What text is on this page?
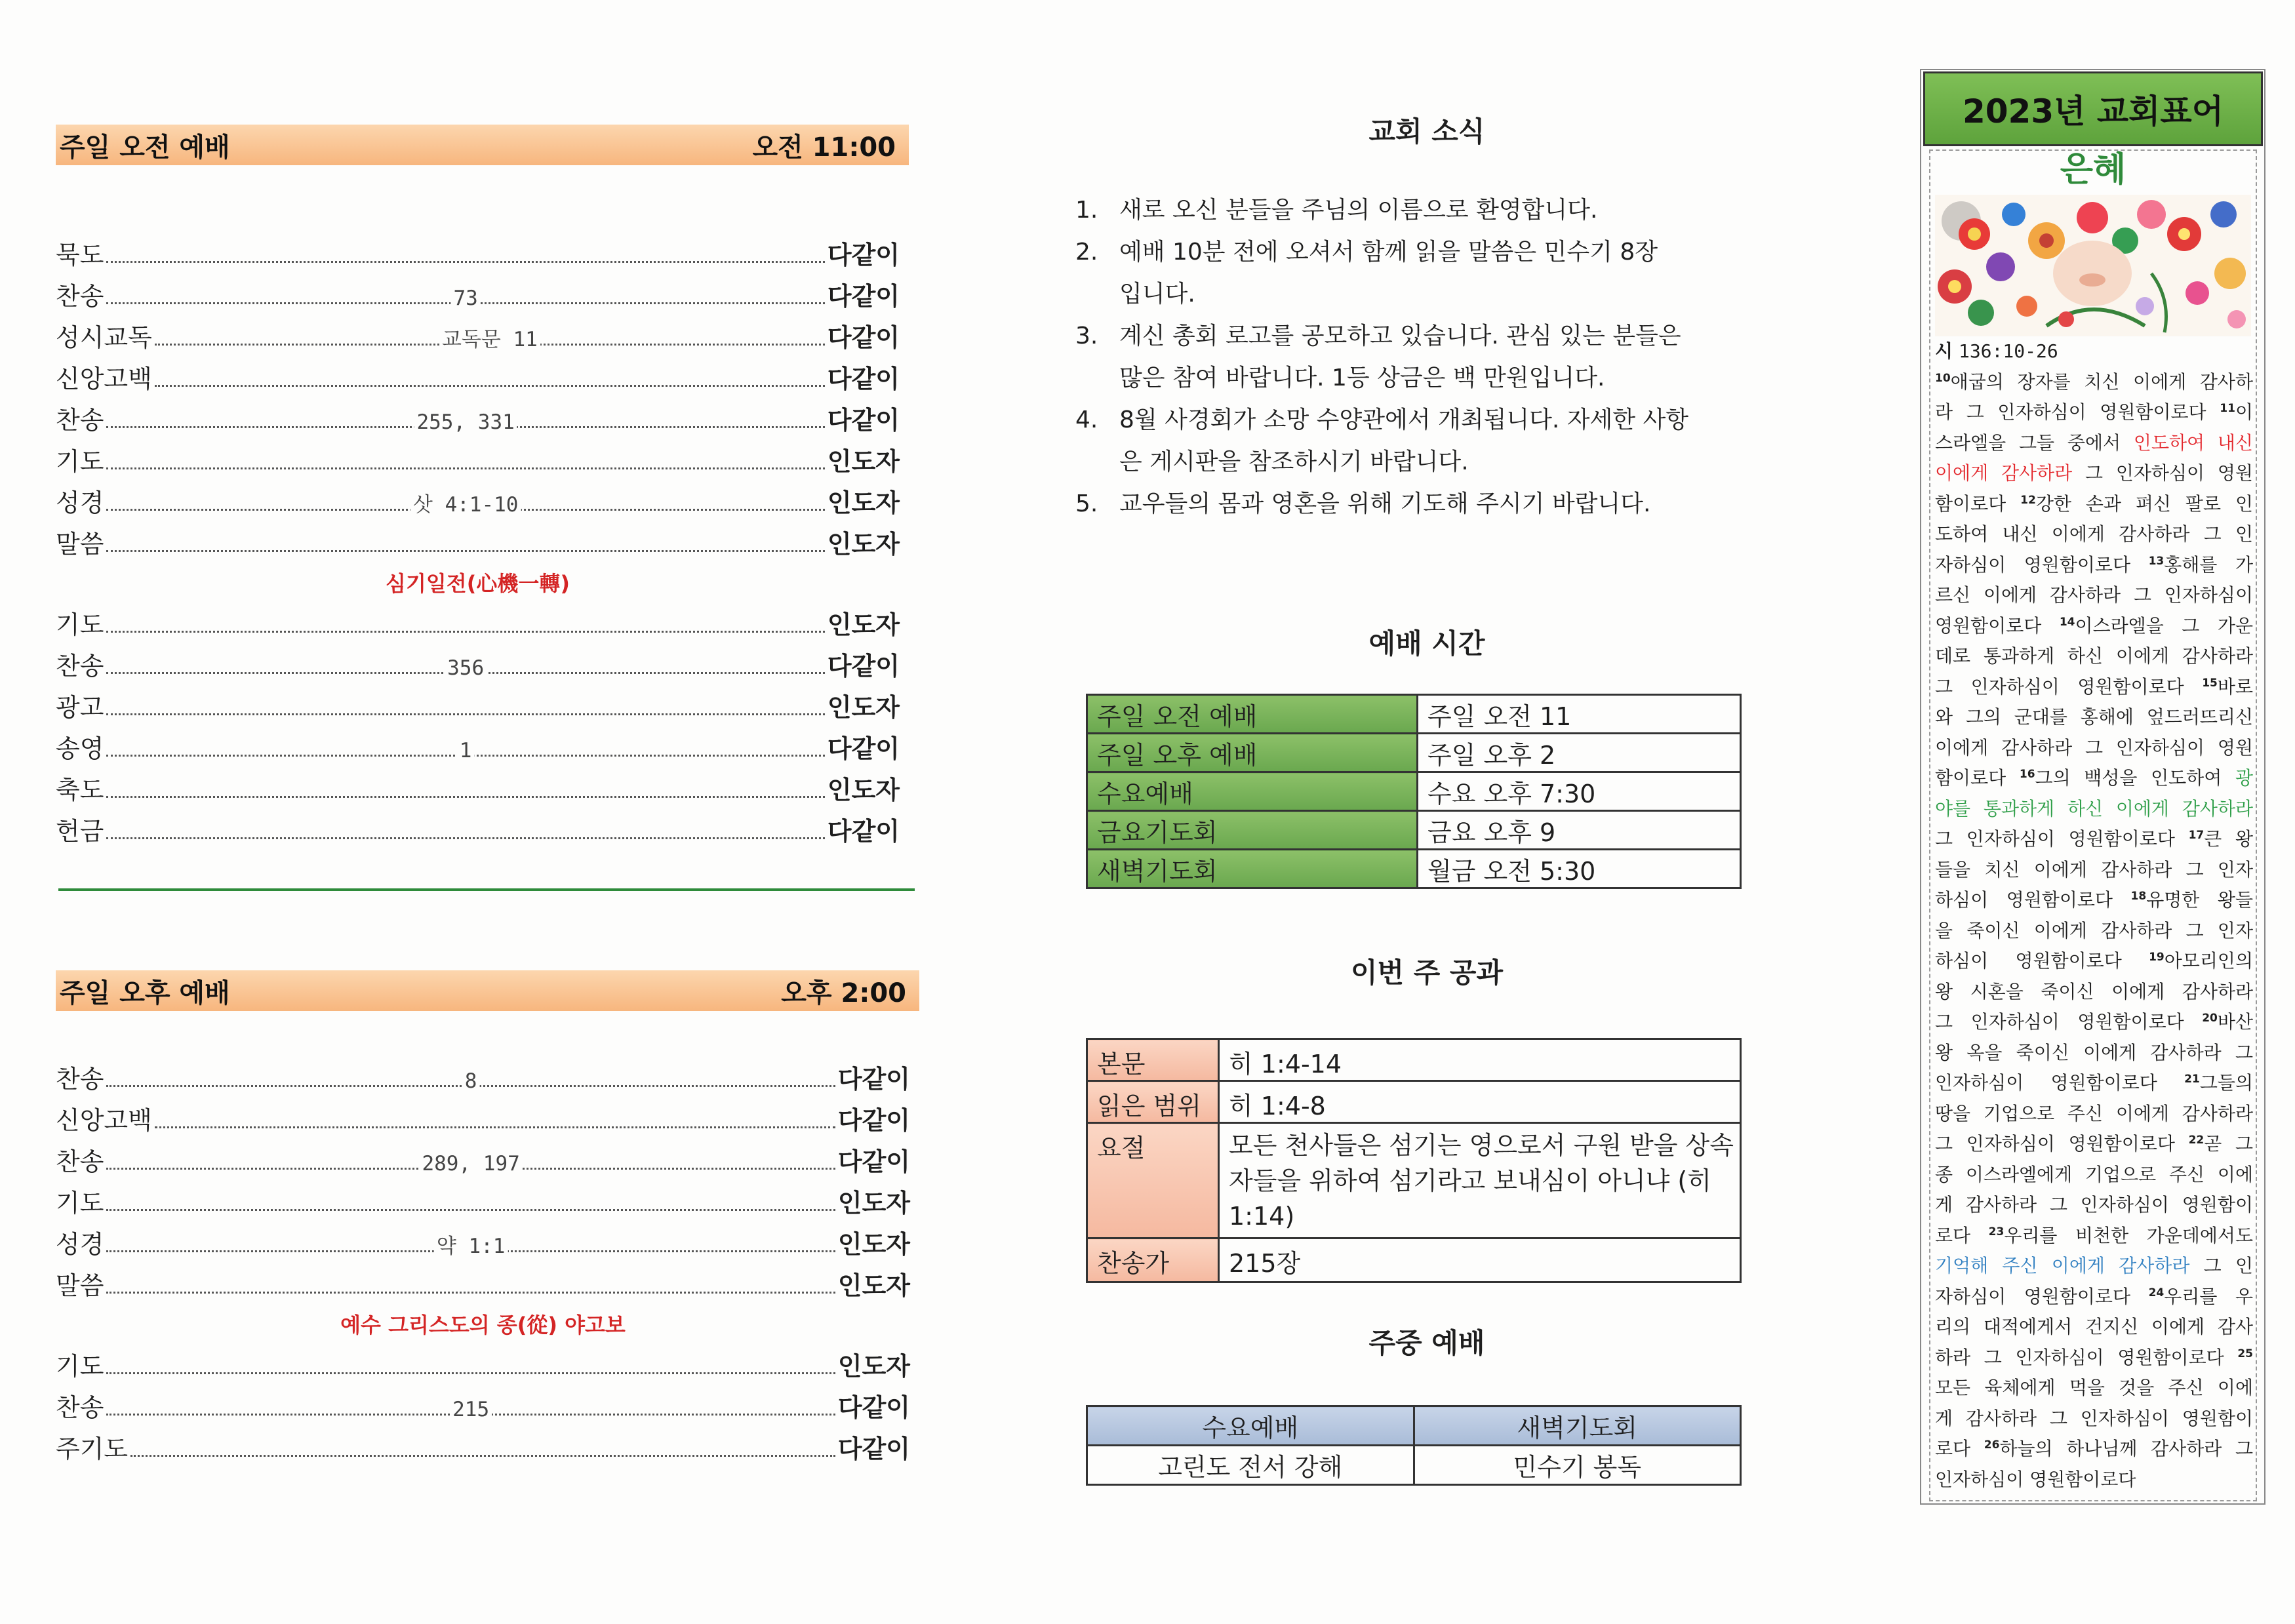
주일 오전 예배	오전 11:00
묵도	다같이
찬송	73	다같이
성시교독	교독문 11	다같이
신앙고백	다같이
찬송	255, 331	다같이
기도	인도자
성경	삿 4:1-10	인도자
말씀	인도자
심기일전(心機一轉)
기도	인도자
찬송	356	다같이
광고	인도자
송영	1	다같이
축도	인도자
헌금	다같이
주일 오후 예배	오후 2:00
찬송	8	다같이
신앙고백	다같이
찬송	289, 197	다같이
기도	인도자
성경	약 1:1	인도자
말씀	인도자
예수 그리스도의 종(從) 야고보
기도	인도자
찬송	215	다같이
주기도	다같이
교회 소식
1. 새로 오신 분들을 주님의 이름으로 환영합니다.
2. 예배 10분 전에 오셔서 함께 읽을 말씀은 민수기 8장
입니다.
3. 계신 총회 로고를 공모하고 있습니다. 관심 있는 분들은
많은 참여 바랍니다. 1등 상금은 백 만원입니다.
4. 8월 사경회가 소망 수양관에서 개최됩니다. 자세한 사항
은 게시판을 참조하시기 바랍니다.
5. 교우들의 몸과 영혼을 위해 기도해 주시기 바랍니다.
예배 시간
주일 오전 예배	주일 오전 11
주일 오후 예배	주일 오후 2
수요예배	수요 오후 7:30
금요기도회	금요 오후 9
새벽기도회	월금 오전 5:30
이번 주 공과
본문	히 1:4-14
읽은 범위	히 1:4-8
요절	모든 천사들은 섬기는 영으로서 구원 받을 상속
자들을 위하여 섬기라고 보내심이 아니냐 (히
1:14)

찬송가	215장
주중 예배
수요예배	새벽기도회
고린도 전서 강해	민수기 봉독
2023년 교회표어
은혜
시 136:10-26
$^{10}$애굽의 장자를 치신 이에게 감사하
라 그 인자하심이 영원함이로다 $^{11}$이
스라엘을 그들 중에서 인도하여 내신
이에게 감사하라 그 인자하심이 영원
함이로다 $^{12}$강한 손과 펴신 팔로 인
도하여 내신 이에게 감사하라 그 인
자하심이 영원함이로다 $^{13}$홍해를 가
르신 이에게 감사하라 그 인자하심이
영원함이로다 $^{14}$이스라엘을 그 가운
데로 통과하게 하신 이에게 감사하라
그 인자하심이 영원함이로다 $^{15}$바로
와 그의 군대를 홍해에 엎드러뜨리신
이에게 감사하라 그 인자하심이 영원
함이로다 $^{16}$그의 백성을 인도하여 광
야를 통과하게 하신 이에게 감사하라
그 인자하심이 영원함이로다 $^{17}$큰 왕
들을 치신 이에게 감사하라 그 인자
하심이 영원함이로다 $^{18}$유명한 왕들
을 죽이신 이에게 감사하라 그 인자
하심이 영원함이로다 $^{19}$아모리인의
왕 시혼을 죽이신 이에게 감사하라
그 인자하심이 영원함이로다 $^{20}$바산
왕 옥을 죽이신 이에게 감사하라 그
인자하심이 영원함이로다 $^{21}$그들의
땅을 기업으로 주신 이에게 감사하라
그 인자하심이 영원함이로다 $^{22}$곧 그
종 이스라엘에게 기업으로 주신 이에
게 감사하라 그 인자하심이 영원함이
로다 $^{23}$우리를 비천한 가운데에서도
기억해 주신 이에게 감사하라 그 인
자하심이 영원함이로다 $^{24}$우리를 우
리의 대적에게서 건지신 이에게 감사
하라 그 인자하심이 영원함이로다 $^{25}$
모든 육체에게 먹을 것을 주신 이에
게 감사하라 그 인자하심이 영원함이
로다 $^{26}$하늘의 하나님께 감사하라 그
인자하심이 영원함이로다
